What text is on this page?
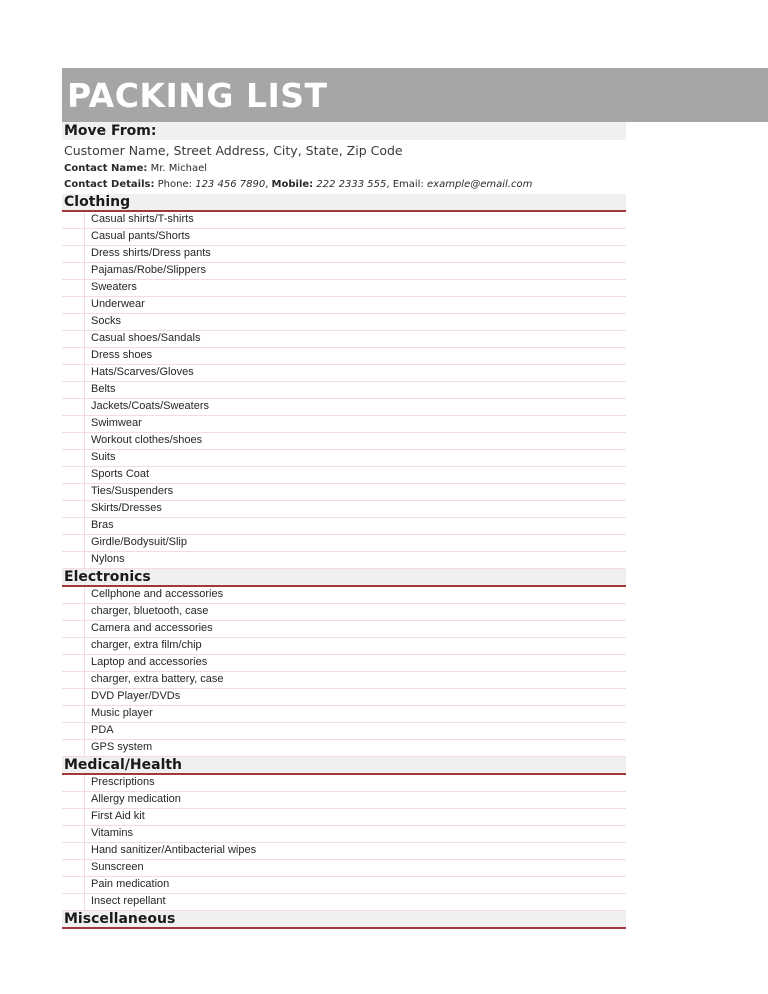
PACKING LIST
Move From:
Customer Name, Street Address, City, State, Zip Code
Contact Name: Mr. Michael
Contact Details: Phone: 123 456 7890, Mobile: 222 2333 555, Email: example@email.com
Clothing
Casual shirts/T-shirts
Casual pants/Shorts
Dress shirts/Dress pants
Pajamas/Robe/Slippers
Sweaters
Underwear
Socks
Casual shoes/Sandals
Dress shoes
Hats/Scarves/Gloves
Belts
Jackets/Coats/Sweaters
Swimwear
Workout clothes/shoes
Suits
Sports Coat
Ties/Suspenders
Skirts/Dresses
Bras
Girdle/Bodysuit/Slip
Nylons
Electronics
Cellphone and accessories
charger, bluetooth, case
Camera and accessories
charger, extra film/chip
Laptop and accessories
charger, extra battery, case
DVD Player/DVDs
Music player
PDA
GPS system
Medical/Health
Prescriptions
Allergy medication
First Aid kit
Vitamins
Hand sanitizer/Antibacterial wipes
Sunscreen
Pain medication
Insect repellant
Miscellaneous
